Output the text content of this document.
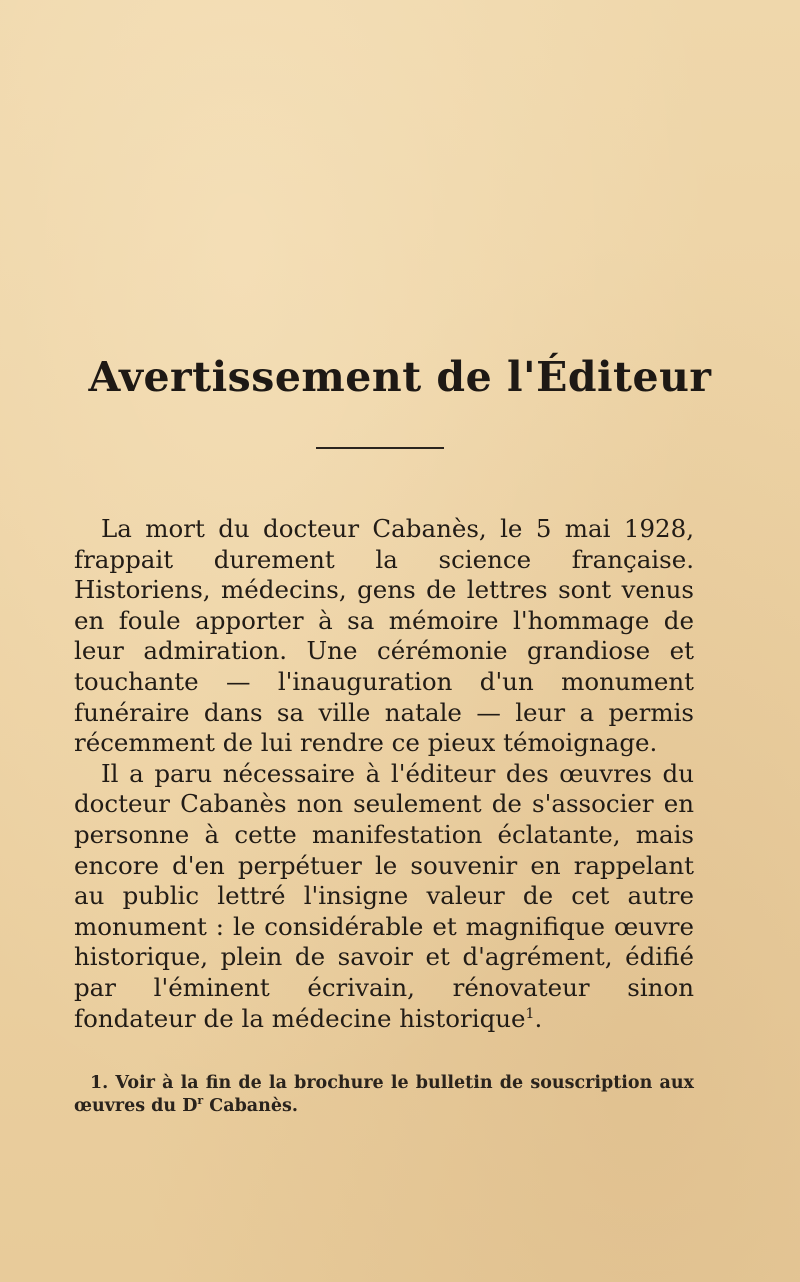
Avertissement de l'Éditeur

La mort du docteur Cabanès, le 5 mai 1928, frappait durement la science française. Historiens, médecins, gens de lettres sont venus en foule apporter à sa mémoire l'hommage de leur admiration. Une cérémonie grandiose et touchante — l'inauguration d'un monument funéraire dans sa ville natale — leur a permis récemment de lui rendre ce pieux témoignage.

Il a paru nécessaire à l'éditeur des œuvres du docteur Cabanès non seulement de s'associer en personne à cette manifestation éclatante, mais encore d'en perpétuer le souvenir en rappelant au public lettré l'insigne valeur de cet autre monument : le considérable et magnifique œuvre historique, plein de savoir et d'agrément, édifié par l'éminent écrivain, rénovateur sinon fondateur de la médecine historique$^1$.

1. Voir à la fin de la brochure le bulletin de souscription aux œuvres du $D^r$ Cabanès.
